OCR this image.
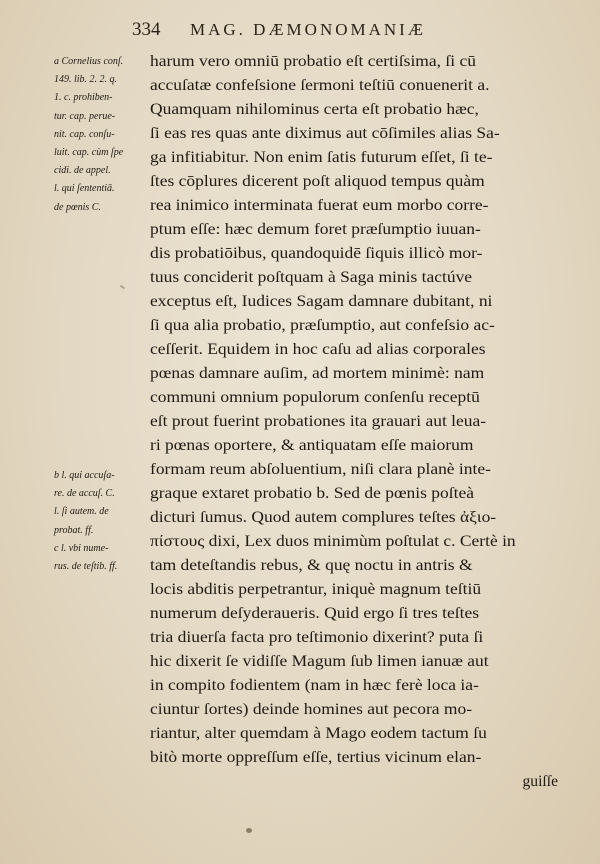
334 MAG. DÆMONOMANIÆ
a Cornelius conſ.
149. lib. 2. 2. q.
1. c. prohiben-
tur. cap. perue-
nit. cap. conſu-
luit. cap. cùm ſpe
cidi. de appel.
l. qui ſententiā.
de pœnis C.
b l. qui accuſa-
re. de accuſ. C.
l. ſi autem. de
probat. ff.
c l. vbi nume-
rus. de teſtib. ff.
harum vero omniū probatio eſt certiſsima, ſi cū
accuſatæ confeſsione ſermoni teſtiū conuenerit a.
Quamquam nihilominus certa eſt probatio hæc,
ſi eas res quas ante diximus aut cōſimiles alias Sa-
ga infitiabitur. Non enim ſatis futurum eſſet, ſi te-
ſtes cōplures dicerent poſt aliquod tempus quàm
rea inimico interminata fuerat eum morbo corre-
ptum eſſe: hæc demum foret præſumptio iuuan-
dis probatiōibus, quandoquidē ſiquis illicò mor-
tuus conciderit poſtquam à Saga minis tactúve
exceptus eſt, Iudices Sagam damnare dubitant, ni
ſi qua alia probatio, præſumptio, aut confeſsio ac-
ceſſerit. Equidem in hoc caſu ad alias corporales
pœnas damnare auſim, ad mortem minimè: nam
communi omnium populorum conſenſu receptū
eſt prout fuerint probationes ita grauari aut leua-
ri pœnas oportere, & antiquatam eſſe maiorum
formam reum abſoluentium, niſi clara planè inte-
graque extaret probatio b. Sed de pœnis poſteà
dicturi ſumus. Quod autem complures teſtes ἀξιο-
πίστους dixi, Lex duos minimùm poſtulat c. Certè in
tam deteſtandis rebus, & quę noctu in antris &
locis abditis perpetrantur, iniquè magnum teſtiū
numerum deſyderaueris. Quid ergo ſi tres teſtes
tria diuerſa facta pro teſtimonio dixerint? puta ſi
hic dixerit ſe vidiſſe Magum ſub limen ianuæ aut
in compito fodientem (nam in hæc ferè loca ia-
ciuntur ſortes) deinde homines aut pecora mo-
riantur, alter quemdam à Mago eodem tactum ſu
bitò morte oppreſſum eſſe, tertius vicinum elan-
guiſſe
